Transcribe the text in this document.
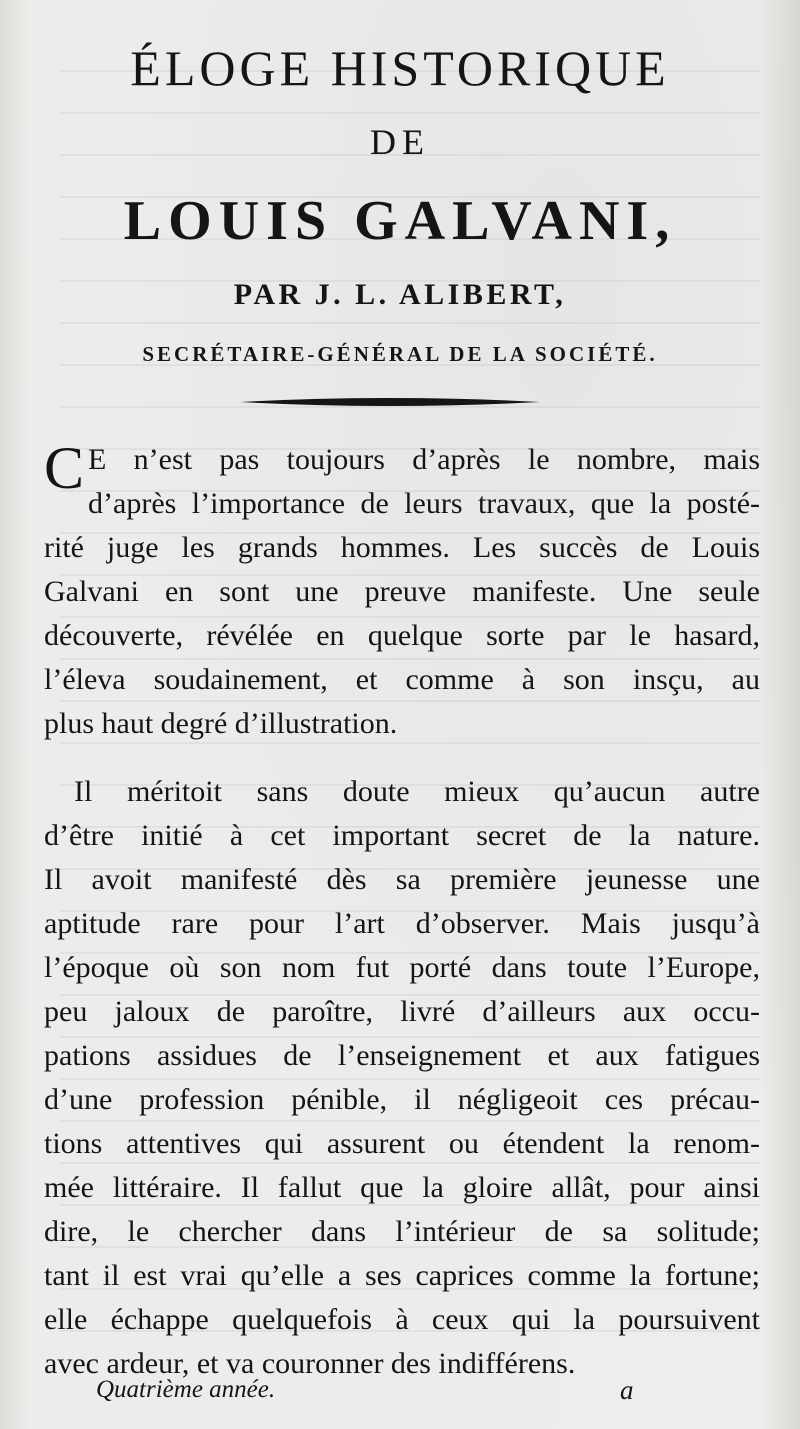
ÉLOGE HISTORIQUE
DE
LOUIS GALVANI,
PAR J. L. ALIBERT,
SECRÉTAIRE-GÉNÉRAL DE LA SOCIÉTÉ.
C E n’est pas toujours d’après le nombre, mais
d’après l’importance de leurs travaux, que la posté-
rité juge les grands hommes. Les succès de Louis
Galvani en sont une preuve manifeste. Une seule
découverte, révélée en quelque sorte par le hasard,
l’éleva soudainement, et comme à son insçu, au
plus haut degré d’illustration.
Il méritoit sans doute mieux qu’aucun autre
d’être initié à cet important secret de la nature.
Il avoit manifesté dès sa première jeunesse une
aptitude rare pour l’art d’observer. Mais jusqu’à
l’époque où son nom fut porté dans toute l’Europe,
peu jaloux de paroître, livré d’ailleurs aux occu-
pations assidues de l’enseignement et aux fatigues
d’une profession pénible, il négligeoit ces précau-
tions attentives qui assurent ou étendent la renom-
mée littéraire. Il fallut que la gloire allât, pour ainsi
dire, le chercher dans l’intérieur de sa solitude;
tant il est vrai qu’elle a ses caprices comme la fortune;
elle échappe quelquefois à ceux qui la poursuivent
avec ardeur, et va couronner des indifférens.
Quatrième année.	a
